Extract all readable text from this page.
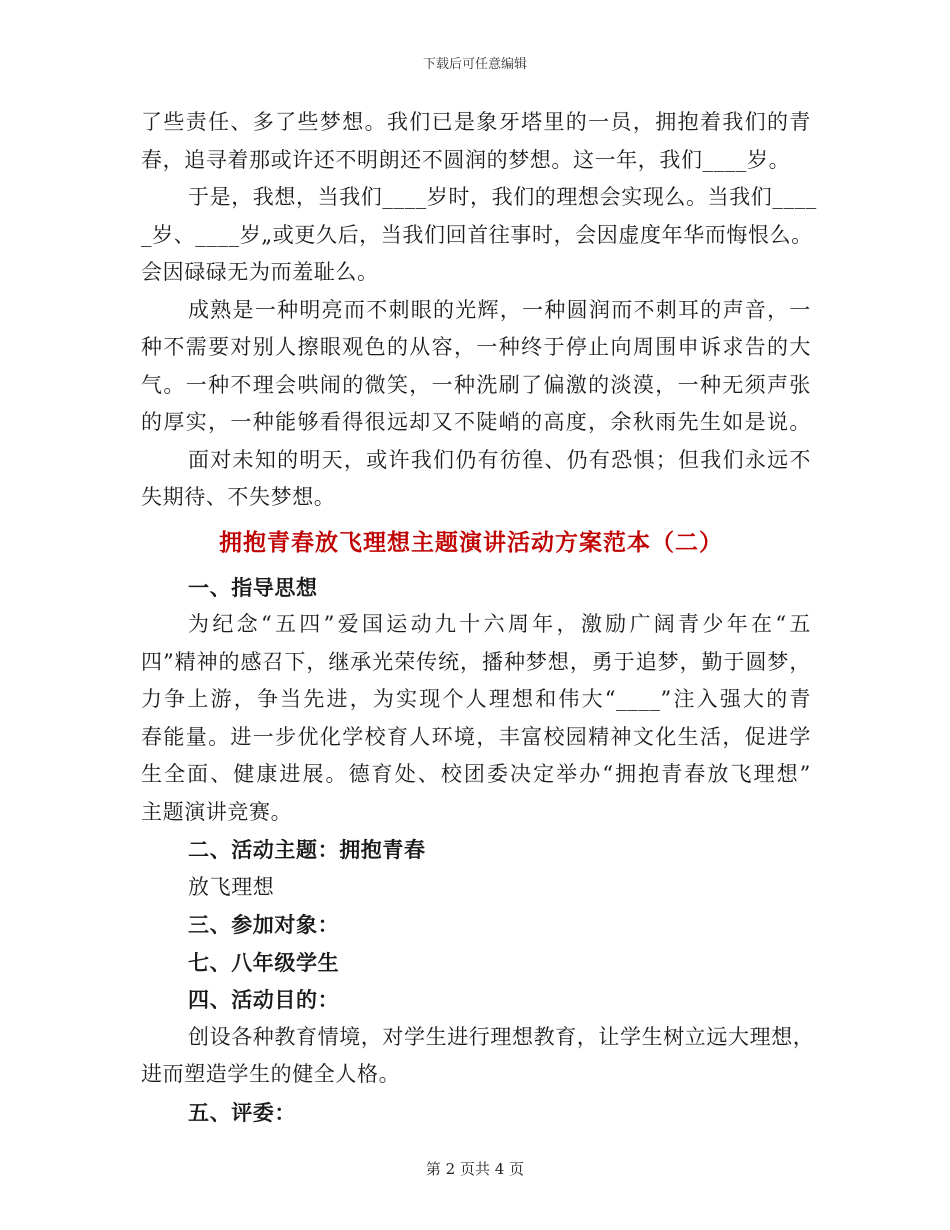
下载后可任意编辑
了些责任、多了些梦想。我们已是象牙塔里的一员，拥抱着我们的青
春，追寻着那或许还不明朗还不圆润的梦想。这一年，我们____岁。
于是，我想，当我们____岁时，我们的理想会实现么。当我们____
_岁、____岁„或更久后，当我们回首往事时，会因虚度年华而悔恨么。
会因碌碌无为而羞耻么。
成熟是一种明亮而不刺眼的光辉，一种圆润而不刺耳的声音，一
种不需要对别人擦眼观色的从容，一种终于停止向周围申诉求告的大
气。一种不理会哄闹的微笑，一种洗刷了偏激的淡漠，一种无须声张
的厚实，一种能够看得很远却又不陡峭的高度，余秋雨先生如是说。
面对未知的明天，或许我们仍有彷徨、仍有恐惧；但我们永远不
失期待、不失梦想。
拥抱青春放飞理想主题演讲活动方案范本（二）
一、指导思想
为纪念“五四”爱国运动九十六周年，激励广阔青少年在“五
四”精神的感召下，继承光荣传统，播种梦想，勇于追梦，勤于圆梦，
力争上游，争当先进，为实现个人理想和伟大“____”注入强大的青
春能量。进一步优化学校育人环境，丰富校园精神文化生活，促进学
生全面、健康进展。德育处、校团委决定举办“拥抱青春放飞理想”
主题演讲竞赛。
二、活动主题：拥抱青春
放飞理想
三、参加对象：
七、八年级学生
四、活动目的：
创设各种教育情境，对学生进行理想教育，让学生树立远大理想，
进而塑造学生的健全人格。
五、评委：
第 2 页共 4 页
